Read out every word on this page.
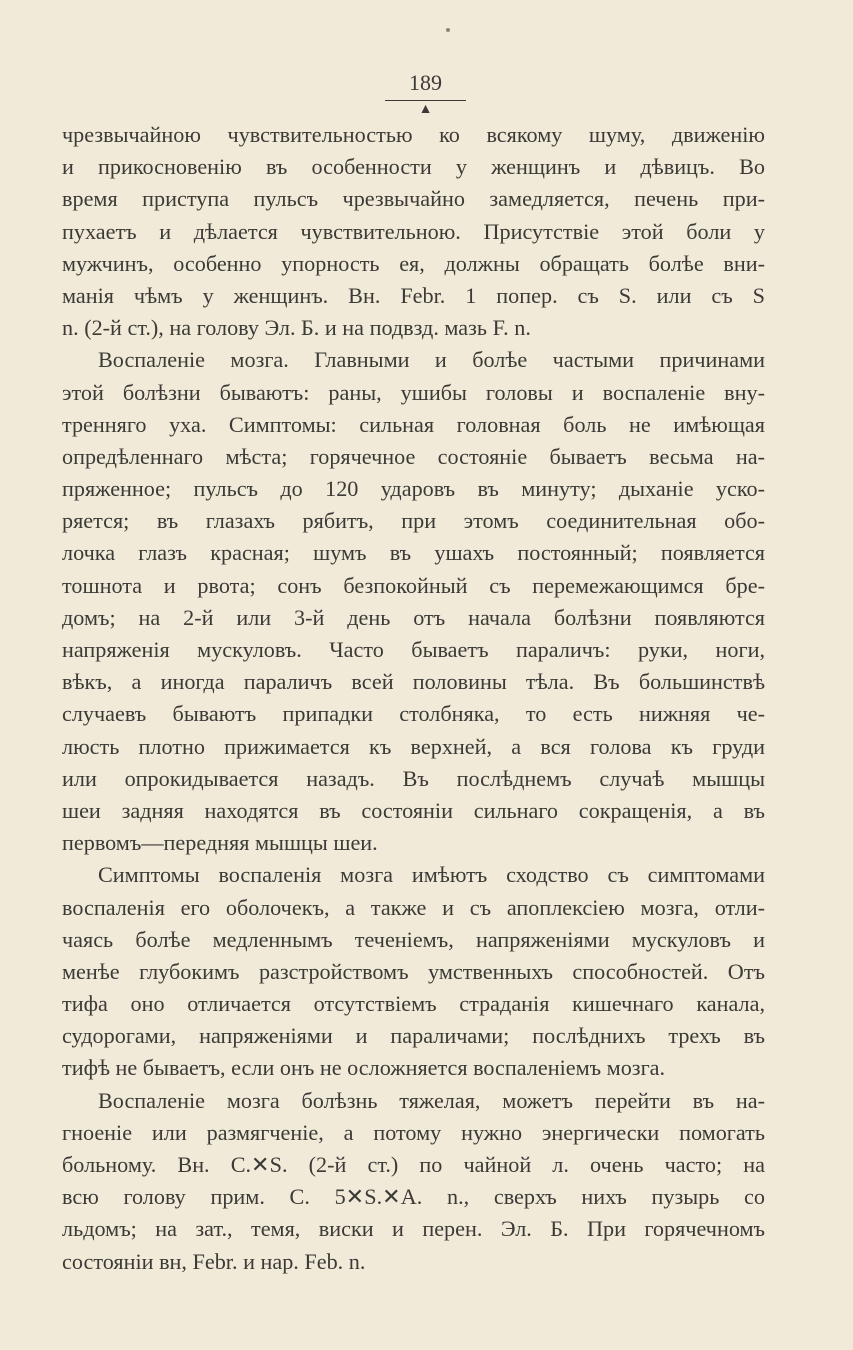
189
▲
чрезвычайною чувствительностью ко всякому шуму, движенію
и прикосновенію въ особенности у женщинъ и дѣвицъ. Во
время приступа пульсъ чрезвычайно замедляется, печень при-
пухаетъ и дѣлается чувствительною. Присутствіе этой боли у
мужчинъ, особенно упорность ея, должны обращать болѣе вни-
манія чѣмъ у женщинъ. Вн. Febr. 1 попер. съ S. или съ S
n. (2-й ст.), на голову Эл. Б. и на подвзд. мазь F. n.
Воспаленіе мозга. Главными и болѣе частыми причинами
этой болѣзни бываютъ: раны, ушибы головы и воспаленіе вну-
тренняго уха. Симптомы: сильная головная боль не имѣющая
опредѣленнаго мѣста; горячечное состояніе бываетъ весьма на-
пряженное; пульсъ до 120 ударовъ въ минуту; дыханіе уско-
ряется; въ глазахъ рябитъ, при этомъ соединительная обо-
лочка глазъ красная; шумъ въ ушахъ постоянный; появляется
тошнота и рвота; сонъ безпокойный съ перемежающимся бре-
домъ; на 2-й или 3-й день отъ начала болѣзни появляются
напряженія мускуловъ. Часто бываетъ параличъ: руки, ноги,
вѣкъ, а иногда параличъ всей половины тѣла. Въ большинствѣ
случаевъ бываютъ припадки столбняка, то есть нижняя че-
люсть плотно прижимается къ верхней, а вся голова къ груди
или опрокидывается назадъ. Въ послѣднемъ случаѣ мышцы
шеи задняя находятся въ состояніи сильнаго сокращенія, а въ
первомъ—передняя мышцы шеи.
Симптомы воспаленія мозга имѣютъ сходство съ симптомами
воспаленія его оболочекъ, а также и съ апоплексіею мозга, отли-
чаясь болѣе медленнымъ теченіемъ, напряженіями мускуловъ и
менѣе глубокимъ разстройствомъ умственныхъ способностей. Отъ
тифа оно отличается отсутствіемъ страданія кишечнаго канала,
судорогами, напряженіями и параличами; послѣднихъ трехъ въ
тифѣ не бываетъ, если онъ не осложняется воспаленіемъ мозга.
Воспаленіе мозга болѣзнь тяжелая, можетъ перейти въ на-
гноеніе или размягченіе, а потому нужно энергически помогать
больному. Вн. C.✕S. (2-й ст.) по чайной л. очень часто; на
всю голову прим. C. 5✕S.✕A. n., сверхъ нихъ пузырь со
льдомъ; на зат., темя, виски и перен. Эл. Б. При горячечномъ
состояніи вн, Febr. и нар. Feb. n.
